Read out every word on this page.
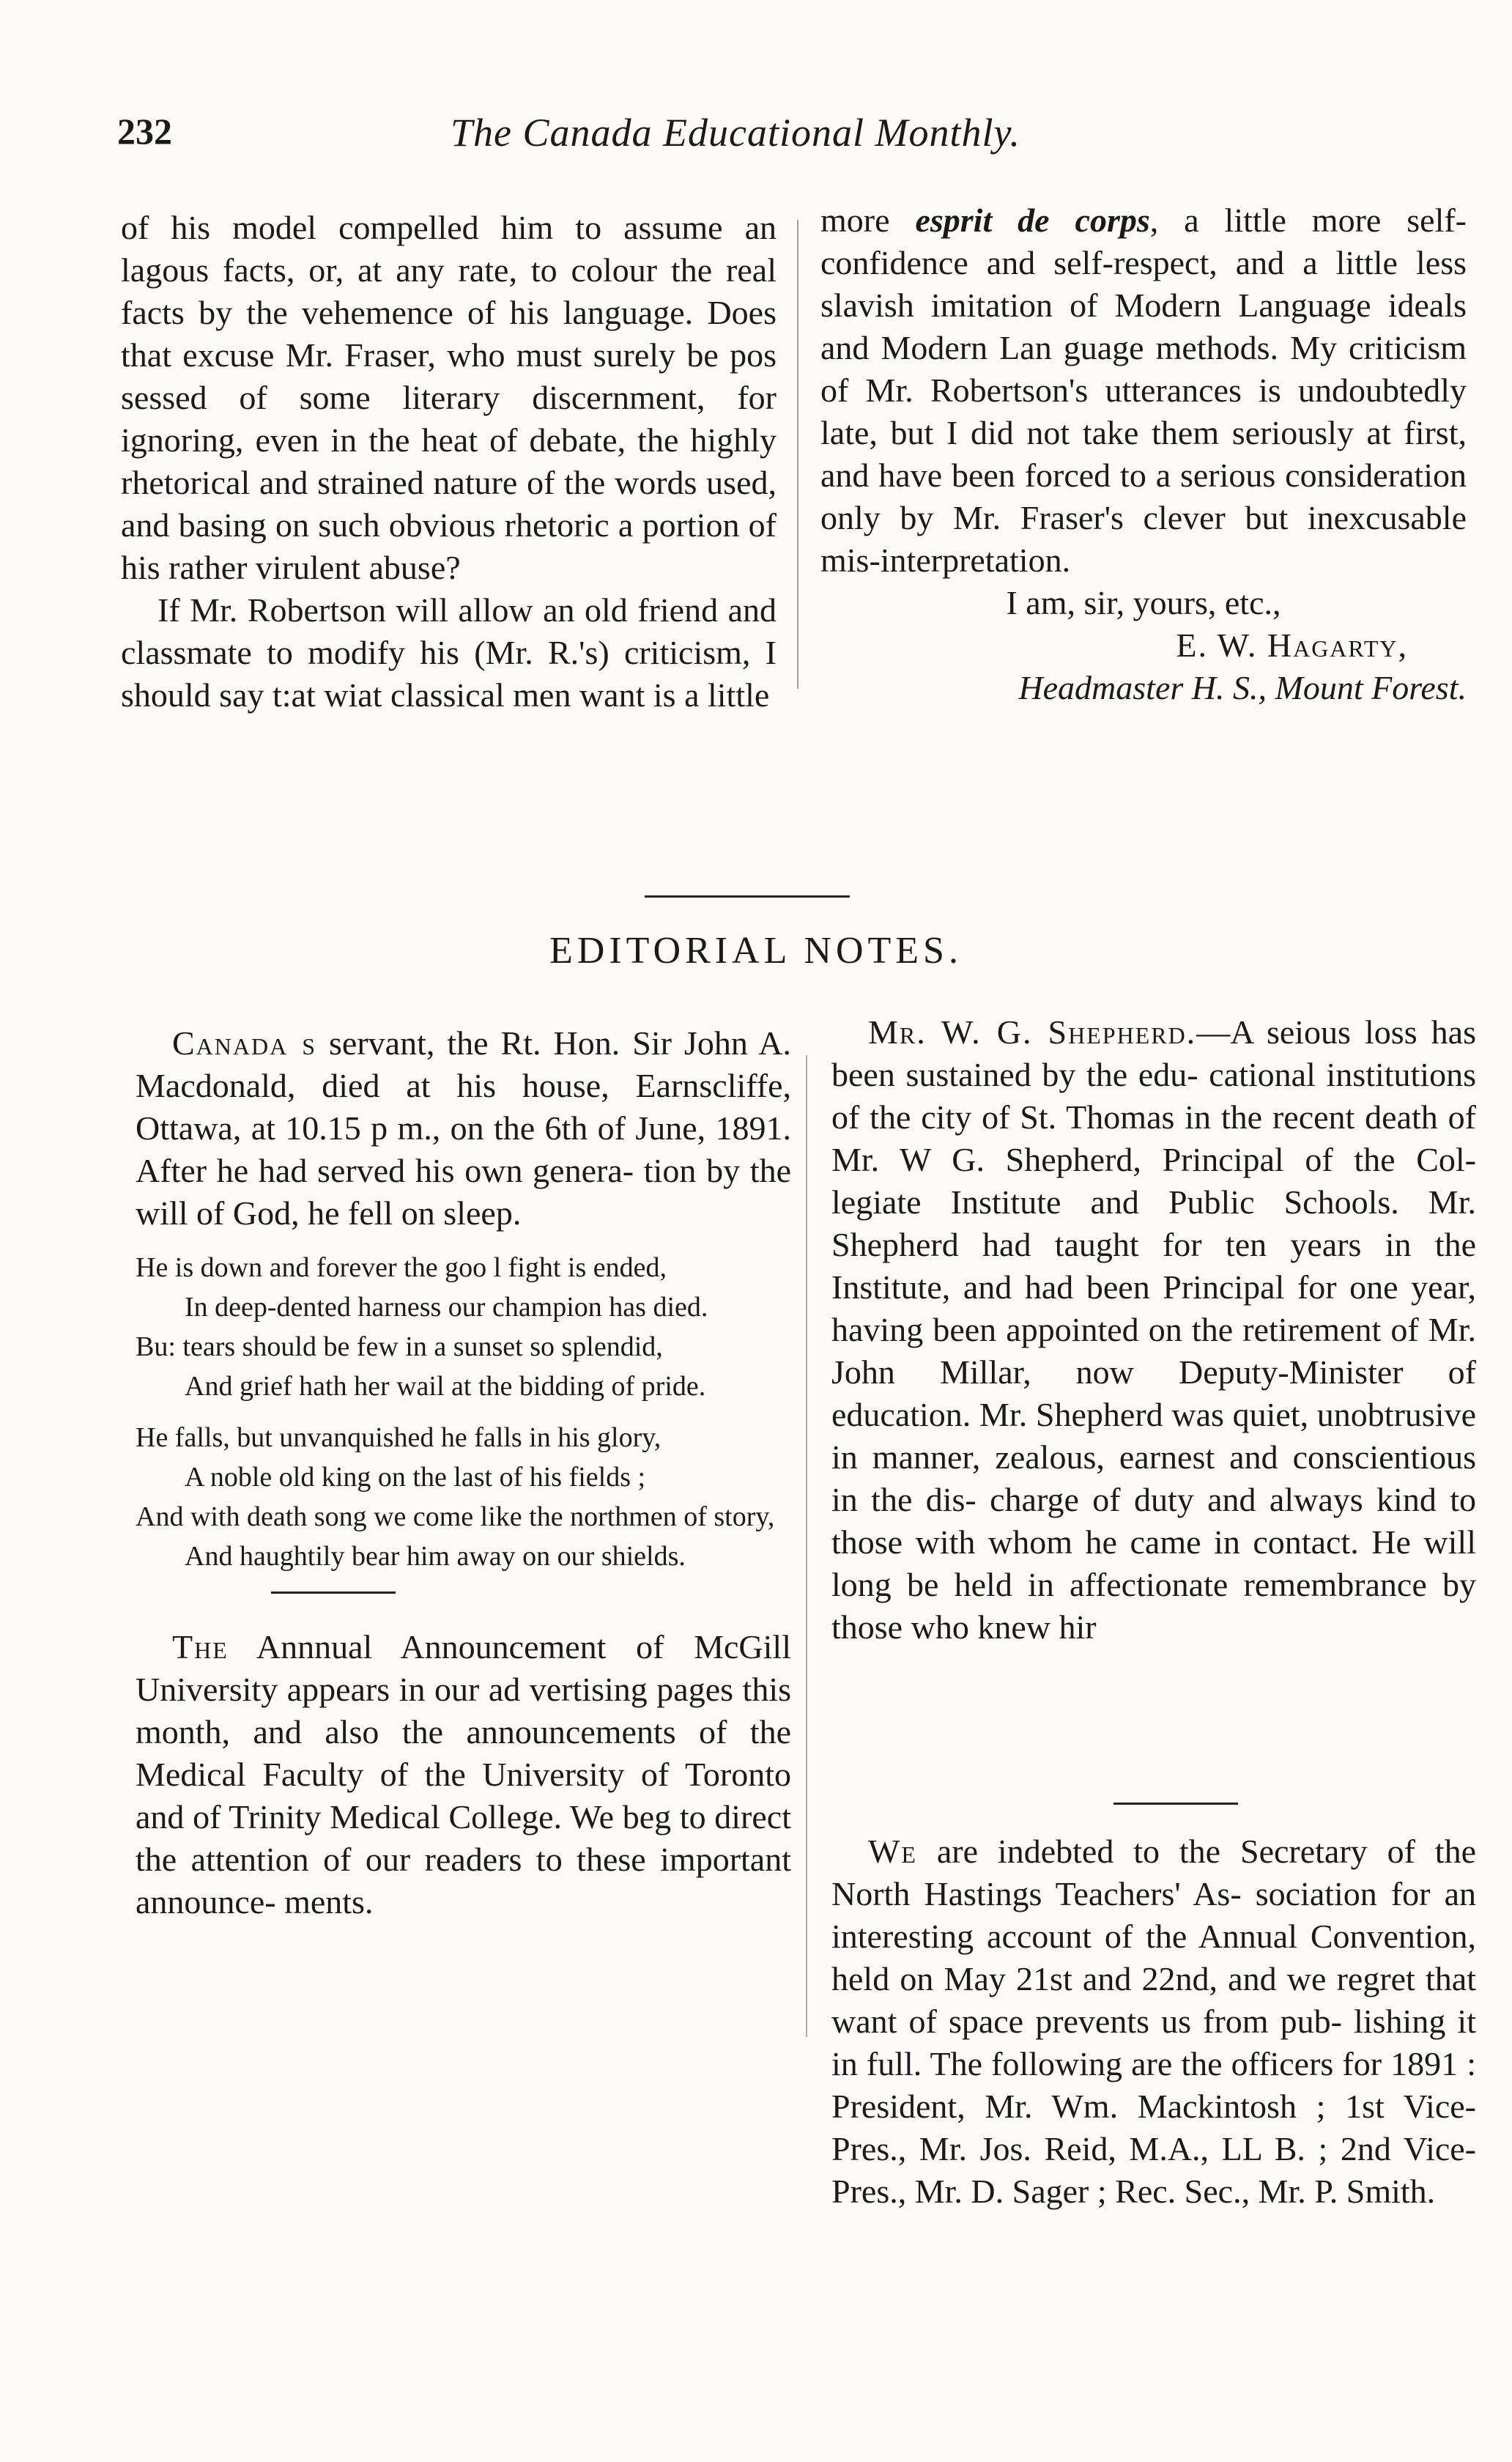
232	The Canada Educational Monthly.

of his model compelled him to assume an lagous facts, or, at any rate, to colour the real facts by the vehemence of his language. Does that excuse Mr. Fraser, who must surely be pos sessed of some literary discernment, for ignoring, even in the heat of debate, the highly rhetorical and strained nature of the words used, and basing on such obvious rhetoric a portion of his rather virulent abuse?

If Mr. Robertson will allow an old friend and classmate to modify his (Mr. R.'s) criticism, I should say t:at wiat classical men want is a little

more esprit de corps, a little more self-confidence and self-respect, and a little less slavish imitation of Modern Language ideals and Modern Lan guage methods. My criticism of Mr. Robertson's utterances is undoubtedly late, but I did not take them seriously at first, and have been forced to a serious consideration only by Mr. Fraser's clever but inexcusable mis-interpretation.

I am, sir, yours, etc.,

E. W. Hagarty,

Headmaster H. S., Mount Forest.

EDITORIAL NOTES.

Canada s servant, the Rt. Hon. Sir John A. Macdonald, died at his house, Earnscliffe, Ottawa, at 10.15 p m., on the 6th of June, 1891. After he had served his own genera- tion by the will of God, he fell on sleep.

He is down and forever the goo l fight is ended,
In deep-dented harness our champion has died.
Bu: tears should be few in a sunset so splendid,
And grief hath her wail at the bidding of pride.
He falls, but unvanquished he falls in his glory,
A noble old king on the last of his fields ;
And with death song we come like the northmen of story,
And haughtily bear him away on our shields.

The Annnual Announcement of McGill University appears in our ad vertising pages this month, and also the announcements of the Medical Faculty of the University of Toronto and of Trinity Medical College. We beg to direct the attention of our readers to these important announce- ments.

Mr. W. G. Shepherd.—A seious loss has been sustained by the edu- cational institutions of the city of St. Thomas in the recent death of Mr. W G. Shepherd, Principal of the Col- legiate Institute and Public Schools. Mr. Shepherd had taught for ten years in the Institute, and had been Principal for one year, having been appointed on the retirement of Mr. John Millar, now Deputy-Minister of education. Mr. Shepherd was quiet, unobtrusive in manner, zealous, earnest and conscientious in the dis- charge of duty and always kind to those with whom he came in contact. He will long be held in affectionate remembrance by those who knew hir

We are indebted to the Secretary of the North Hastings Teachers' As- sociation for an interesting account of the Annual Convention, held on May 21st and 22nd, and we regret that want of space prevents us from pub- lishing it in full. The following are the officers for 1891 : President, Mr. Wm. Mackintosh ; 1st Vice-Pres., Mr. Jos. Reid, M.A., LL B. ; 2nd Vice-Pres., Mr. D. Sager ; Rec. Sec., Mr. P. Smith.
